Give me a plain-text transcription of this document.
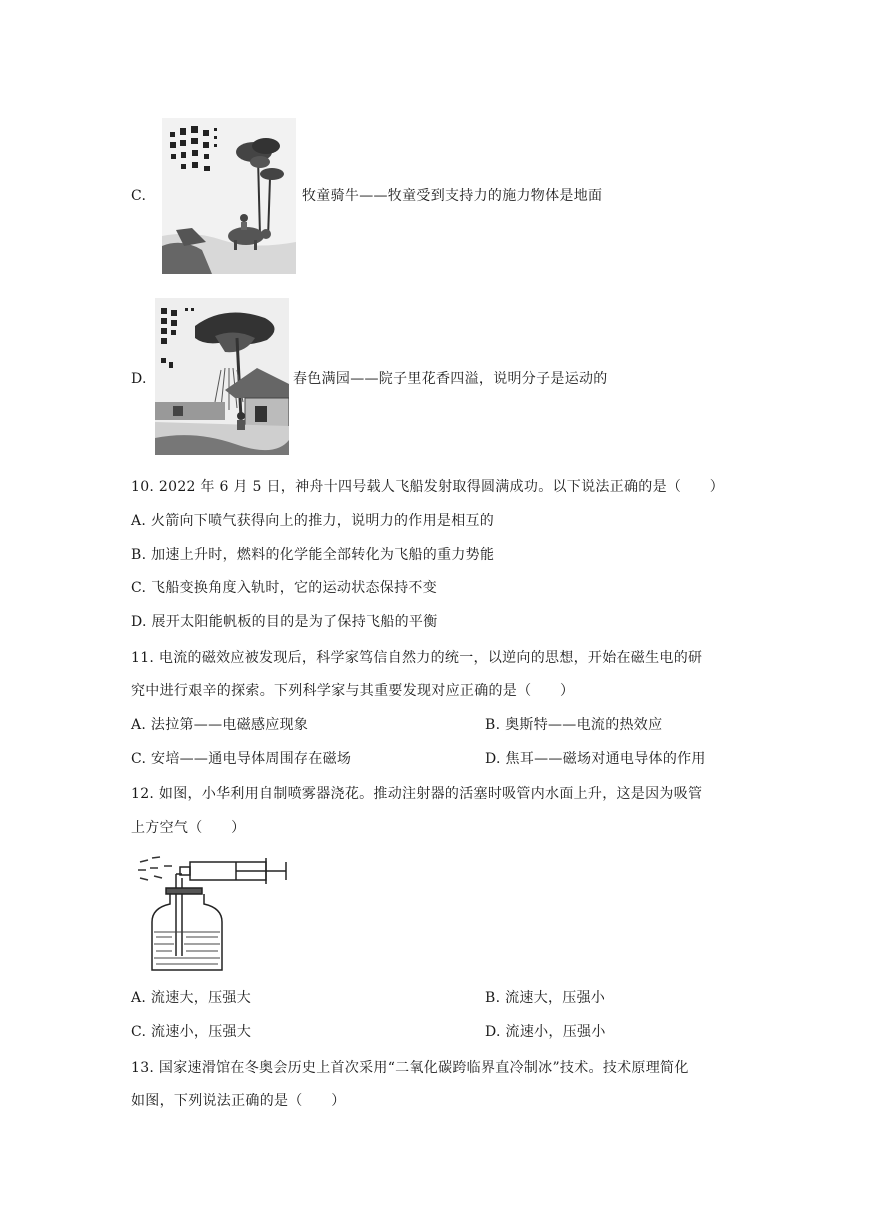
C.	牧童骑牛——牧童受到支持力的施力物体是地面
D.	春色满园——院子里花香四溢，说明分子是运动的
10. 2022 年 6 月 5 日，神舟十四号载人飞船发射取得圆满成功。以下说法正确的是（　　）
A. 火箭向下喷气获得向上的推力，说明力的作用是相互的
B. 加速上升时，燃料的化学能全部转化为飞船的重力势能
C. 飞船变换角度入轨时，它的运动状态保持不变
D. 展开太阳能帆板的目的是为了保持飞船的平衡
11. 电流的磁效应被发现后，科学家笃信自然力的统一，以逆向的思想，开始在磁生电的研
究中进行艰辛的探索。下列科学家与其重要发现对应正确的是（　　）
A. 法拉第——电磁感应现象	B. 奥斯特——电流的热效应
C. 安培——通电导体周围存在磁场	D. 焦耳——磁场对通电导体的作用
12. 如图，小华利用自制喷雾器浇花。推动注射器的活塞时吸管内水面上升，这是因为吸管
上方空气（　　）
A. 流速大，压强大	B. 流速大，压强小
C. 流速小，压强大	D. 流速小，压强小
13. 国家速滑馆在冬奥会历史上首次采用“二氧化碳跨临界直冷制冰”技术。技术原理简化
如图，下列说法正确的是（　　）
